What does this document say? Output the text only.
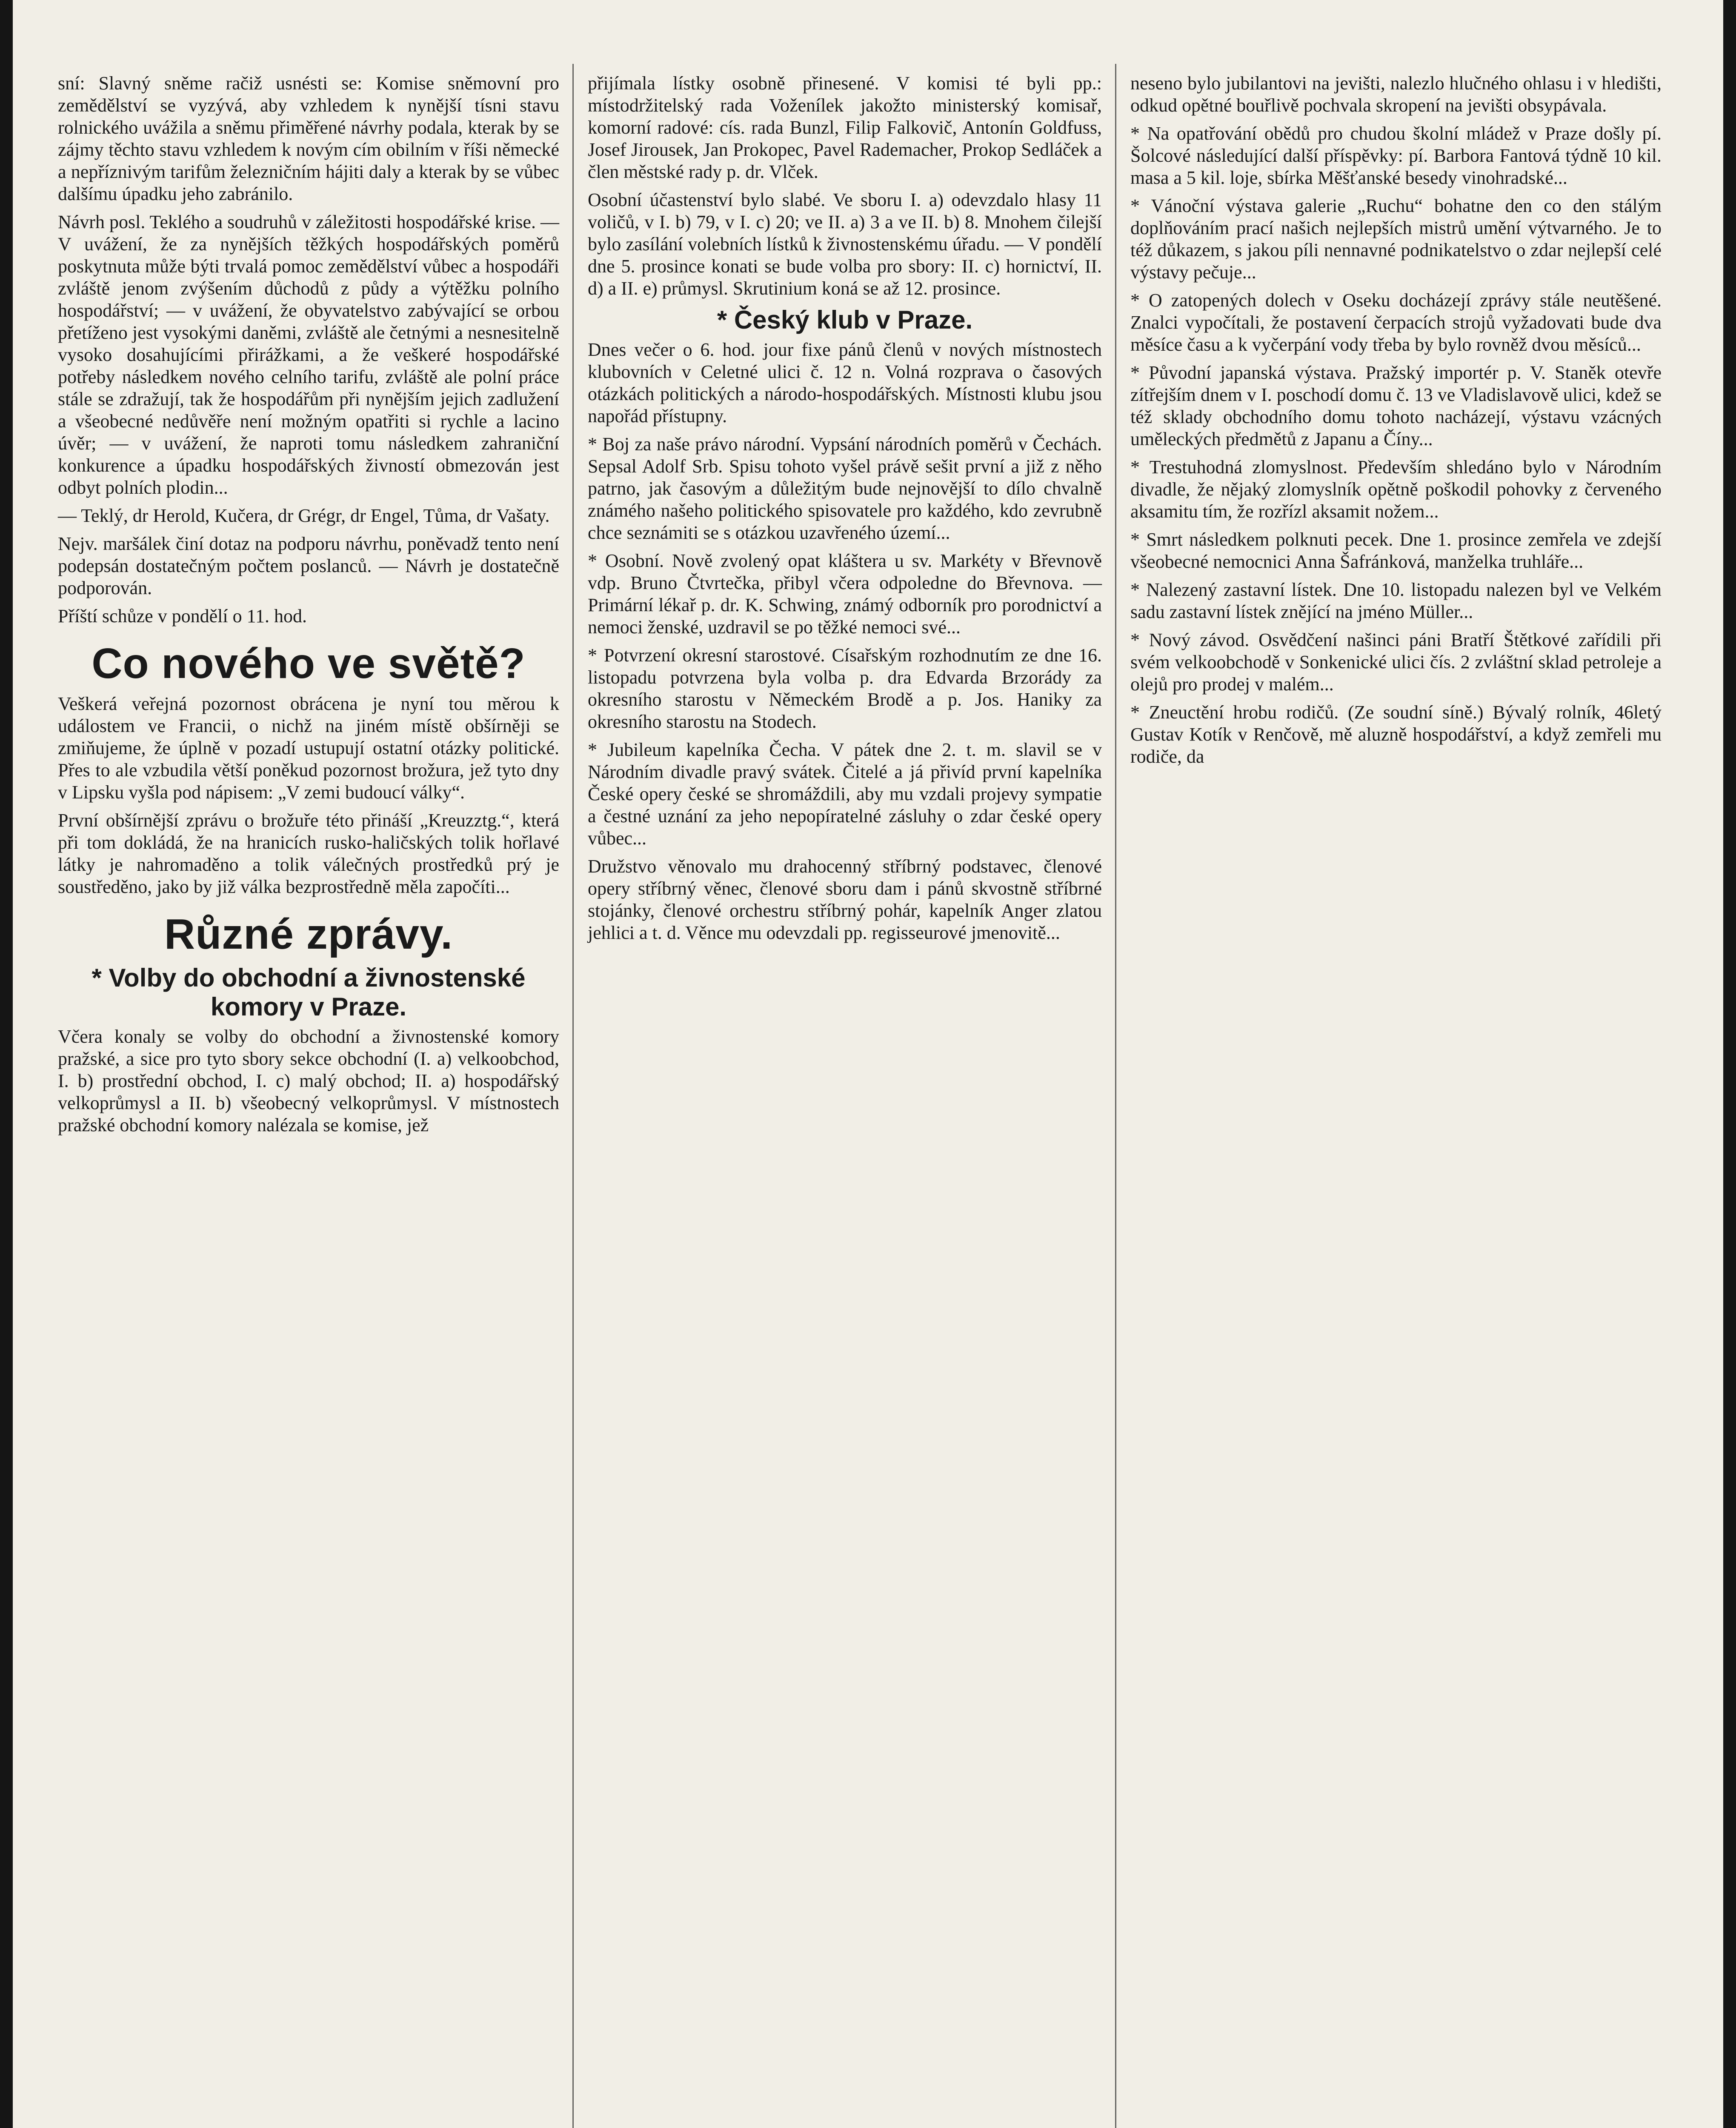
sní: Slavný sněme račiž usnésti se: Komise sněmovní pro zemědělství se vyzývá, aby vzhledem k nynější tísni stavu rolnického uvážila a sněmu přiměřené návrhy podala, kterak by se zájmy těchto stavu vzhledem k novým cím obilním v říši německé a nepříznivým tarifům železničním hájiti daly a kterak by se vůbec dalšímu úpadku jeho zabránilo.

Návrh posl. Teklého a soudruhů v záležitosti hospodářské krise. — V uvážení, že za nynějších těžkých hospodářských poměrů poskytnuta může býti trvalá pomoc zemědělství vůbec a hospodáři zvláště jenom zvýšením důchodů z půdy a výtěžku polního hospodářství; — v uvážení, že obyvatelstvo zabývající se orbou přetíženo jest vysokými daněmi, zvláště ale četnými a nesnesitelně vysoko dosahujícími přirážkami, a že veškeré hospodářské potřeby následkem nového celního tarifu, zvláště ale polní práce stále se zdražují, tak že hospodářům při nynějším jejich zadlužení a všeobecné nedůvěře není možným opatřiti si rychle a lacino úvěr; — v uvážení, že naproti tomu následkem zahraniční konkurence a úpadku hospodářských živností obmezován jest odbyt polních plodin...

— Teklý, dr Herold, Kučera, dr Grégr, dr Engel, Tůma, dr Vašaty.

Nejv. maršálek činí dotaz na podporu návrhu, poněvadž tento není podepsán dostatečným počtem poslanců. — Návrh je dostatečně podporován.

Příští schůze v pondělí o 11. hod.

Co nového ve světě?

Veškerá veřejná pozornost obrácena je nyní tou měrou k událostem ve Francii, o nichž na jiném místě obšírněji se zmiňujeme, že úplně v pozadí ustupují ostatní otázky politické. Přes to ale vzbudila větší poněkud pozornost brožura, jež tyto dny v Lipsku vyšla pod nápisem: „V zemi budoucí války“.

První obšírnější zprávu o brožuře této přináší „Kreuzztg.“, která při tom dokládá, že na hranicích rusko-haličských tolik hořlavé látky je nahromaděno a tolik válečných prostředků prý je soustředěno, jako by již válka bezprostředně měla započíti...

Různé zprávy.
* Volby do obchodní a živnostenské komory v Praze.

Včera konaly se volby do obchodní a živnostenské komory pražské, a sice pro tyto sbory sekce obchodní (I. a) velkoobchod, I. b) prostřední obchod, I. c) malý obchod; II. a) hospodářský velkoprůmysl a II. b) všeobecný velkoprůmysl. V místnostech pražské obchodní komory nalézala se komise, jež

přijímala lístky osobně přinesené. V komisi té byli pp.: místodržitelský rada Voženílek jakožto ministerský komisař, komorní radové: cís. rada Bunzl, Filip Falkovič, Antonín Goldfuss, Josef Jirousek, Jan Prokopec, Pavel Rademacher, Prokop Sedláček a člen městské rady p. dr. Vlček.

Osobní účastenství bylo slabé. Ve sboru I. a) odevzdalo hlasy 11 voličů, v I. b) 79, v I. c) 20; ve II. a) 3 a ve II. b) 8. Mnohem čilejší bylo zasílání volebních lístků k živnostenskému úřadu. — V pondělí dne 5. prosince konati se bude volba pro sbory: II. c) hornictví, II. d) a II. e) průmysl. Skrutinium koná se až 12. prosince.

* Český klub v Praze.

Dnes večer o 6. hod. jour fixe pánů členů v nových místnostech klubovních v Celetné ulici č. 12 n. Volná rozprava o časových otázkách politických a národo-hospodářských. Místnosti klubu jsou napořád přístupny.

* Boj za naše právo národní. Vypsání národních poměrů v Čechách. Sepsal Adolf Srb. Spisu tohoto vyšel právě sešit první a již z něho patrno, jak časovým a důležitým bude nejnovější to dílo chvalně známého našeho politického spisovatele pro každého, kdo zevrubně chce seznámiti se s otázkou uzavřeného území...

* Osobní. Nově zvolený opat kláštera u sv. Markéty v Břevnově vdp. Bruno Čtvrtečka, přibyl včera odpoledne do Břevnova. — Primární lékař p. dr. K. Schwing, známý odborník pro porodnictví a nemoci ženské, uzdravil se po těžké nemoci své...

* Potvrzení okresní starostové. Císařským rozhodnutím ze dne 16. listopadu potvrzena byla volba p. dra Edvarda Brzorády za okresního starostu v Německém Brodě a p. Jos. Haniky za okresního starostu na Stodech.

* Jubileum kapelníka Čecha. V pátek dne 2. t. m. slavil se v Národním divadle pravý svátek. Čitelé a já přivíd první kapelníka České opery české se shromáždili, aby mu vzdali projevy sympatie a čestné uznání za jeho nepopíratelné zásluhy o zdar české opery vůbec...

Družstvo věnovalo mu drahocenný stříbrný podstavec, členové opery stříbrný věnec, členové sboru dam i pánů skvostně stříbrné stojánky, členové orchestru stříbrný pohár, kapelník Anger zlatou jehlici a t. d. Věnce mu odevzdali pp. regisseurové jmenovitě...

neseno bylo jubilantovi na jevišti, nalezlo hlučného ohlasu i v hledišti, odkud opětné bouřlivě pochvala skropení na jevišti obsypávala.

* Na opatřování obědů pro chudou školní mládež v Praze došly pí. Šolcové následující další příspěvky: pí. Barbora Fantová týdně 10 kil. masa a 5 kil. loje, sbírka Měšťanské besedy vinohradské...

* Vánoční výstava galerie „Ruchu“ bohatne den co den stálým doplňováním prací našich nejlepších mistrů umění výtvarného. Je to též důkazem, s jakou píli nennavné podnikatelstvo o zdar nejlepší celé výstavy pečuje...

* O zatopených dolech v Oseku docházejí zprávy stále neutěšené. Znalci vypočítali, že postavení čerpacích strojů vyžadovati bude dva měsíce času a k vyčerpání vody třeba by bylo rovněž dvou měsíců...

* Původní japanská výstava. Pražský importér p. V. Staněk otevře zítřejším dnem v I. poschodí domu č. 13 ve Vladislavově ulici, kdež se též sklady obchodního domu tohoto nacházejí, výstavu vzácných uměleckých předmětů z Japanu a Číny...

* Trestuhodná zlomyslnost. Především shledáno bylo v Národním divadle, že nějaký zlomyslník opětně poškodil pohovky z červeného aksamitu tím, že rozřízl aksamit nožem...

* Smrt následkem polknuti pecek. Dne 1. prosince zemřela ve zdejší všeobecné nemocnici Anna Šafránková, manželka truhláře...

* Nalezený zastavní lístek. Dne 10. listopadu nalezen byl ve Velkém sadu zastavní lístek znějící na jméno Müller...

* Nový závod. Osvědčení našinci páni Bratří Štětkové zařídili při svém velkoobchodě v Sonkenické ulici čís. 2 zvláštní sklad petroleje a olejů pro prodej v malém...

* Zneuctění hrobu rodičů. (Ze soudní síně.) Bývalý rolník, 46letý Gustav Kotík v Renčově, mě aluzně hospodářství, a když zemřeli mu rodiče, da
